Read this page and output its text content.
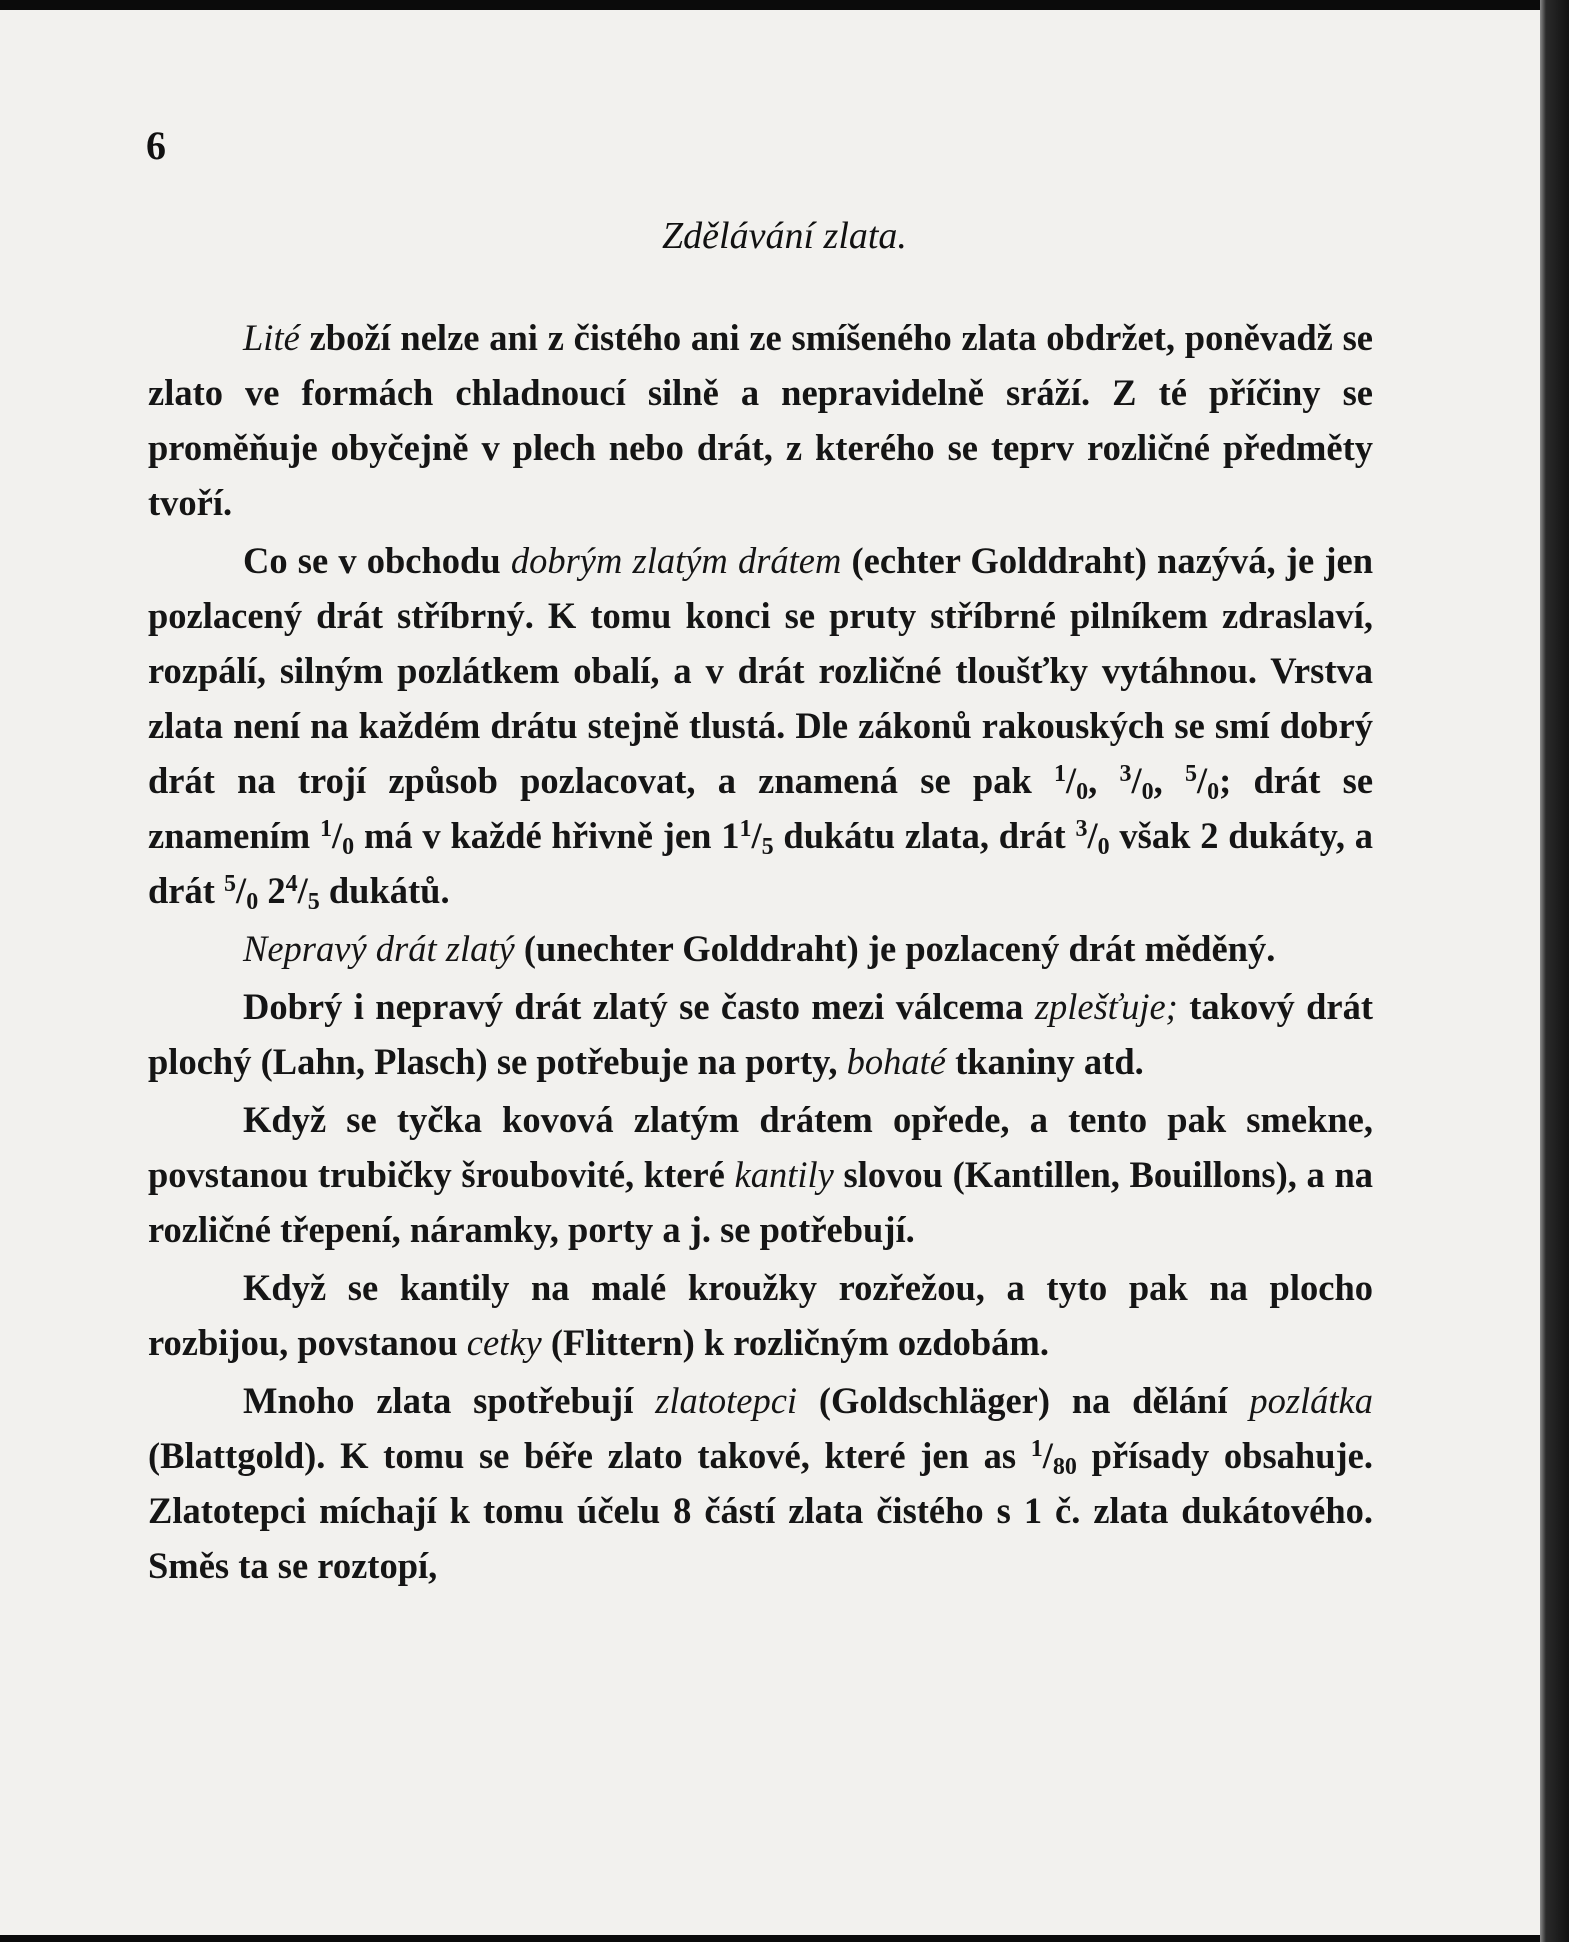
6
Zdělávání zlata.

Lité zboží nelze ani z čistého ani ze smíšeného zlata obdržet, poněvadž se zlato ve formách chladnoucí silně a nepravidelně sráží. Z té příčiny se proměňuje obyčejně v plech nebo drát, z kterého se teprv rozličné předměty tvoří.

Co se v obchodu dobrým zlatým drátem (echter Golddraht) nazývá, je jen pozlacený drát stříbrný. K tomu konci se pruty stříbrné pilníkem zdraslaví, rozpálí, silným pozlátkem obalí, a v drát rozličné tloušťky vytáhnou. Vrstva zlata není na každém drátu stejně tlustá. Dle zákonů rakouských se smí dobrý drát na trojí způsob pozlacovat, a znamená se pak $^1/_0$, $^3/_0$, $^5/_0$; drát se znamením $^1/_0$ má v každé hřivně jen $1^1/_5$ dukátu zlata, drát $^3/_0$ však 2 dukáty, a drát $^5/_0$ $2^4/_5$ dukátů.

Nepravý drát zlatý (unechter Golddraht) je pozlacený drát měděný.

Dobrý i nepravý drát zlatý se často mezi válcema zplešťuje; takový drát plochý (Lahn, Plasch) se potřebuje na porty, bohaté tkaniny atd.

Když se tyčka kovová zlatým drátem opřede, a tento pak smekne, povstanou trubičky šroubovité, které kantily slovou (Kantillen, Bouillons), a na rozličné třepení, náramky, porty a j. se potřebují.

Když se kantily na malé kroužky rozřežou, a tyto pak na plocho rozbijou, povstanou cetky (Flittern) k rozličným ozdobám.

Mnoho zlata spotřebují zlatotepci (Goldschläger) na dělání pozlátka (Blattgold). K tomu se béře zlato takové, které jen as $^1/_{80}$ přísady obsahuje. Zlatotepci míchají k tomu účelu 8 částí zlata čistého s 1 č. zlata dukátového. Směs ta se roztopí,
